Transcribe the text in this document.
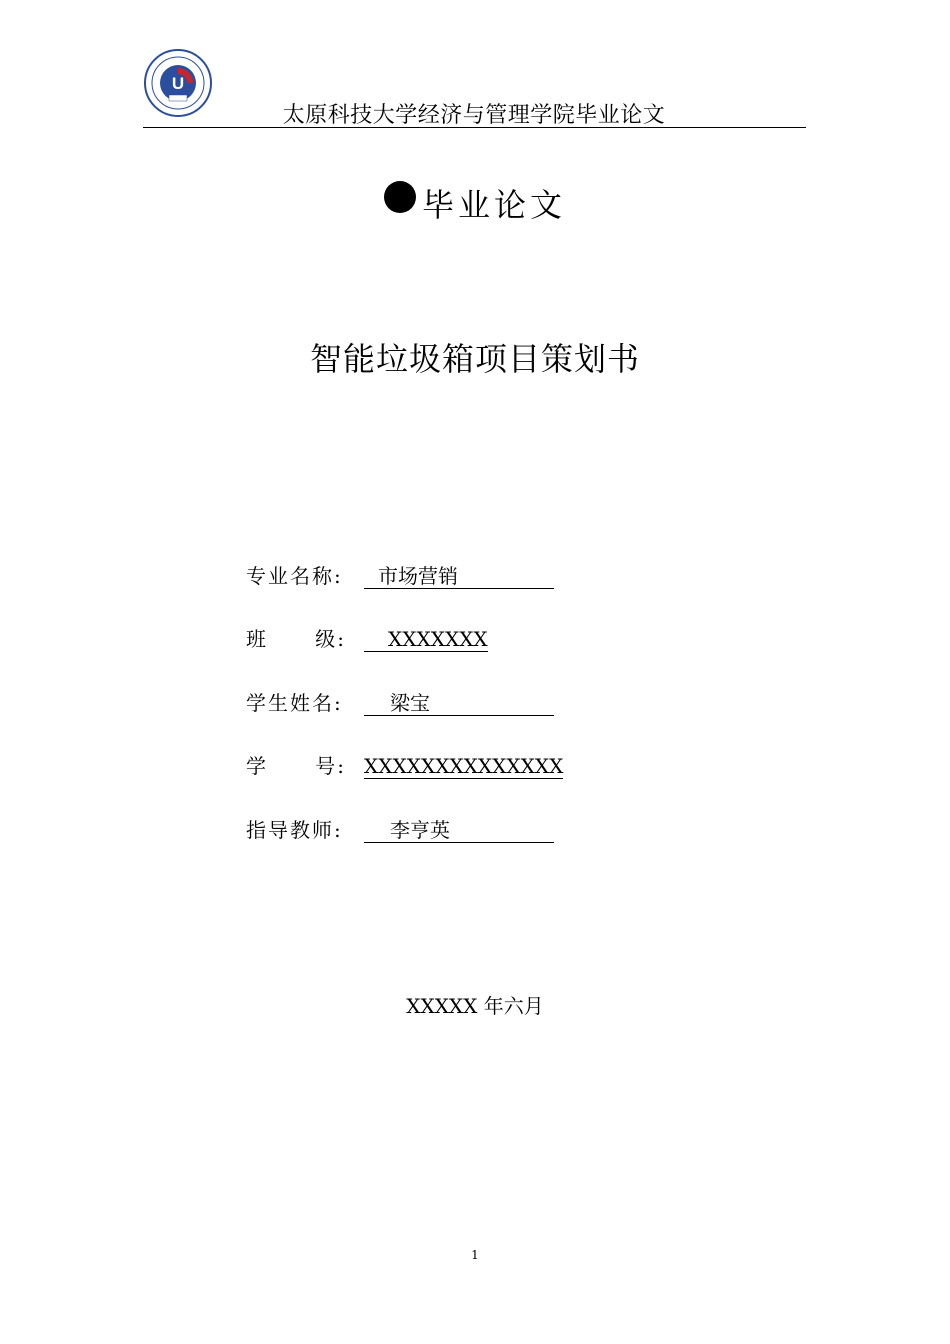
U
太原科技大学经济与管理学院毕业论文
毕业论文
智能垃圾箱项目策划书
专业名称: 市场营销
班 级: XXXXXXX
学生姓名: 梁宝
学 号: XXXXXXXXXXXXXX
指导教师: 李亨英
XXXXX 年六月
1
